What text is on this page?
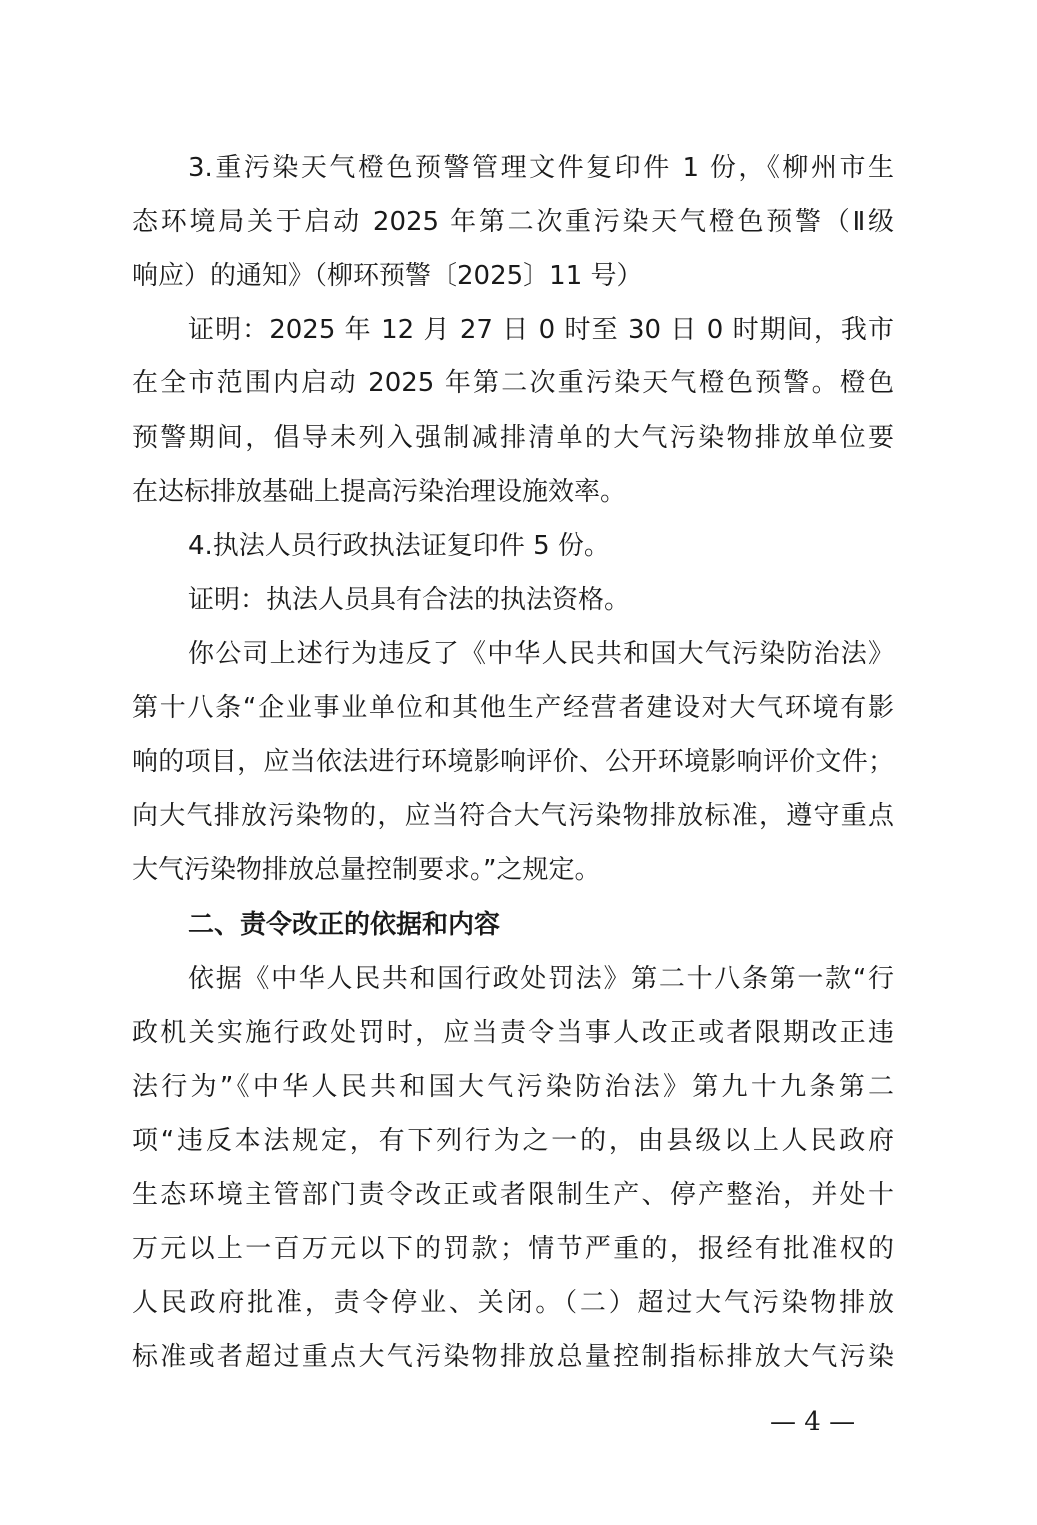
3.重污染天气橙色预警管理文件复印件 1 份，《柳州市生
态环境局关于启动 2025 年第二次重污染天气橙色预警（Ⅱ级
响应）的通知》（柳环预警〔2025〕11 号）
证明：2025 年 12 月 27 日 0 时至 30 日 0 时期间，我市
在全市范围内启动 2025 年第二次重污染天气橙色预警。橙色
预警期间，倡导未列入强制减排清单的大气污染物排放单位要
在达标排放基础上提高污染治理设施效率。
4.执法人员行政执法证复印件 5 份。
证明：执法人员具有合法的执法资格。
你公司上述行为违反了《中华人民共和国大气污染防治法》
第十八条“企业事业单位和其他生产经营者建设对大气环境有影
响的项目，应当依法进行环境影响评价、公开环境影响评价文件；
向大气排放污染物的，应当符合大气污染物排放标准，遵守重点
大气污染物排放总量控制要求。”之规定。
二、责令改正的依据和内容
依据《中华人民共和国行政处罚法》第二十八条第一款“行
政机关实施行政处罚时，应当责令当事人改正或者限期改正违
法行为”《中华人民共和国大气污染防治法》第九十九条第二
项“违反本法规定，有下列行为之一的，由县级以上人民政府
生态环境主管部门责令改正或者限制生产、停产整治，并处十
万元以上一百万元以下的罚款；情节严重的，报经有批准权的
人民政府批准，责令停业、关闭。（二）超过大气污染物排放
标准或者超过重点大气污染物排放总量控制指标排放大气污染
— 4 —
